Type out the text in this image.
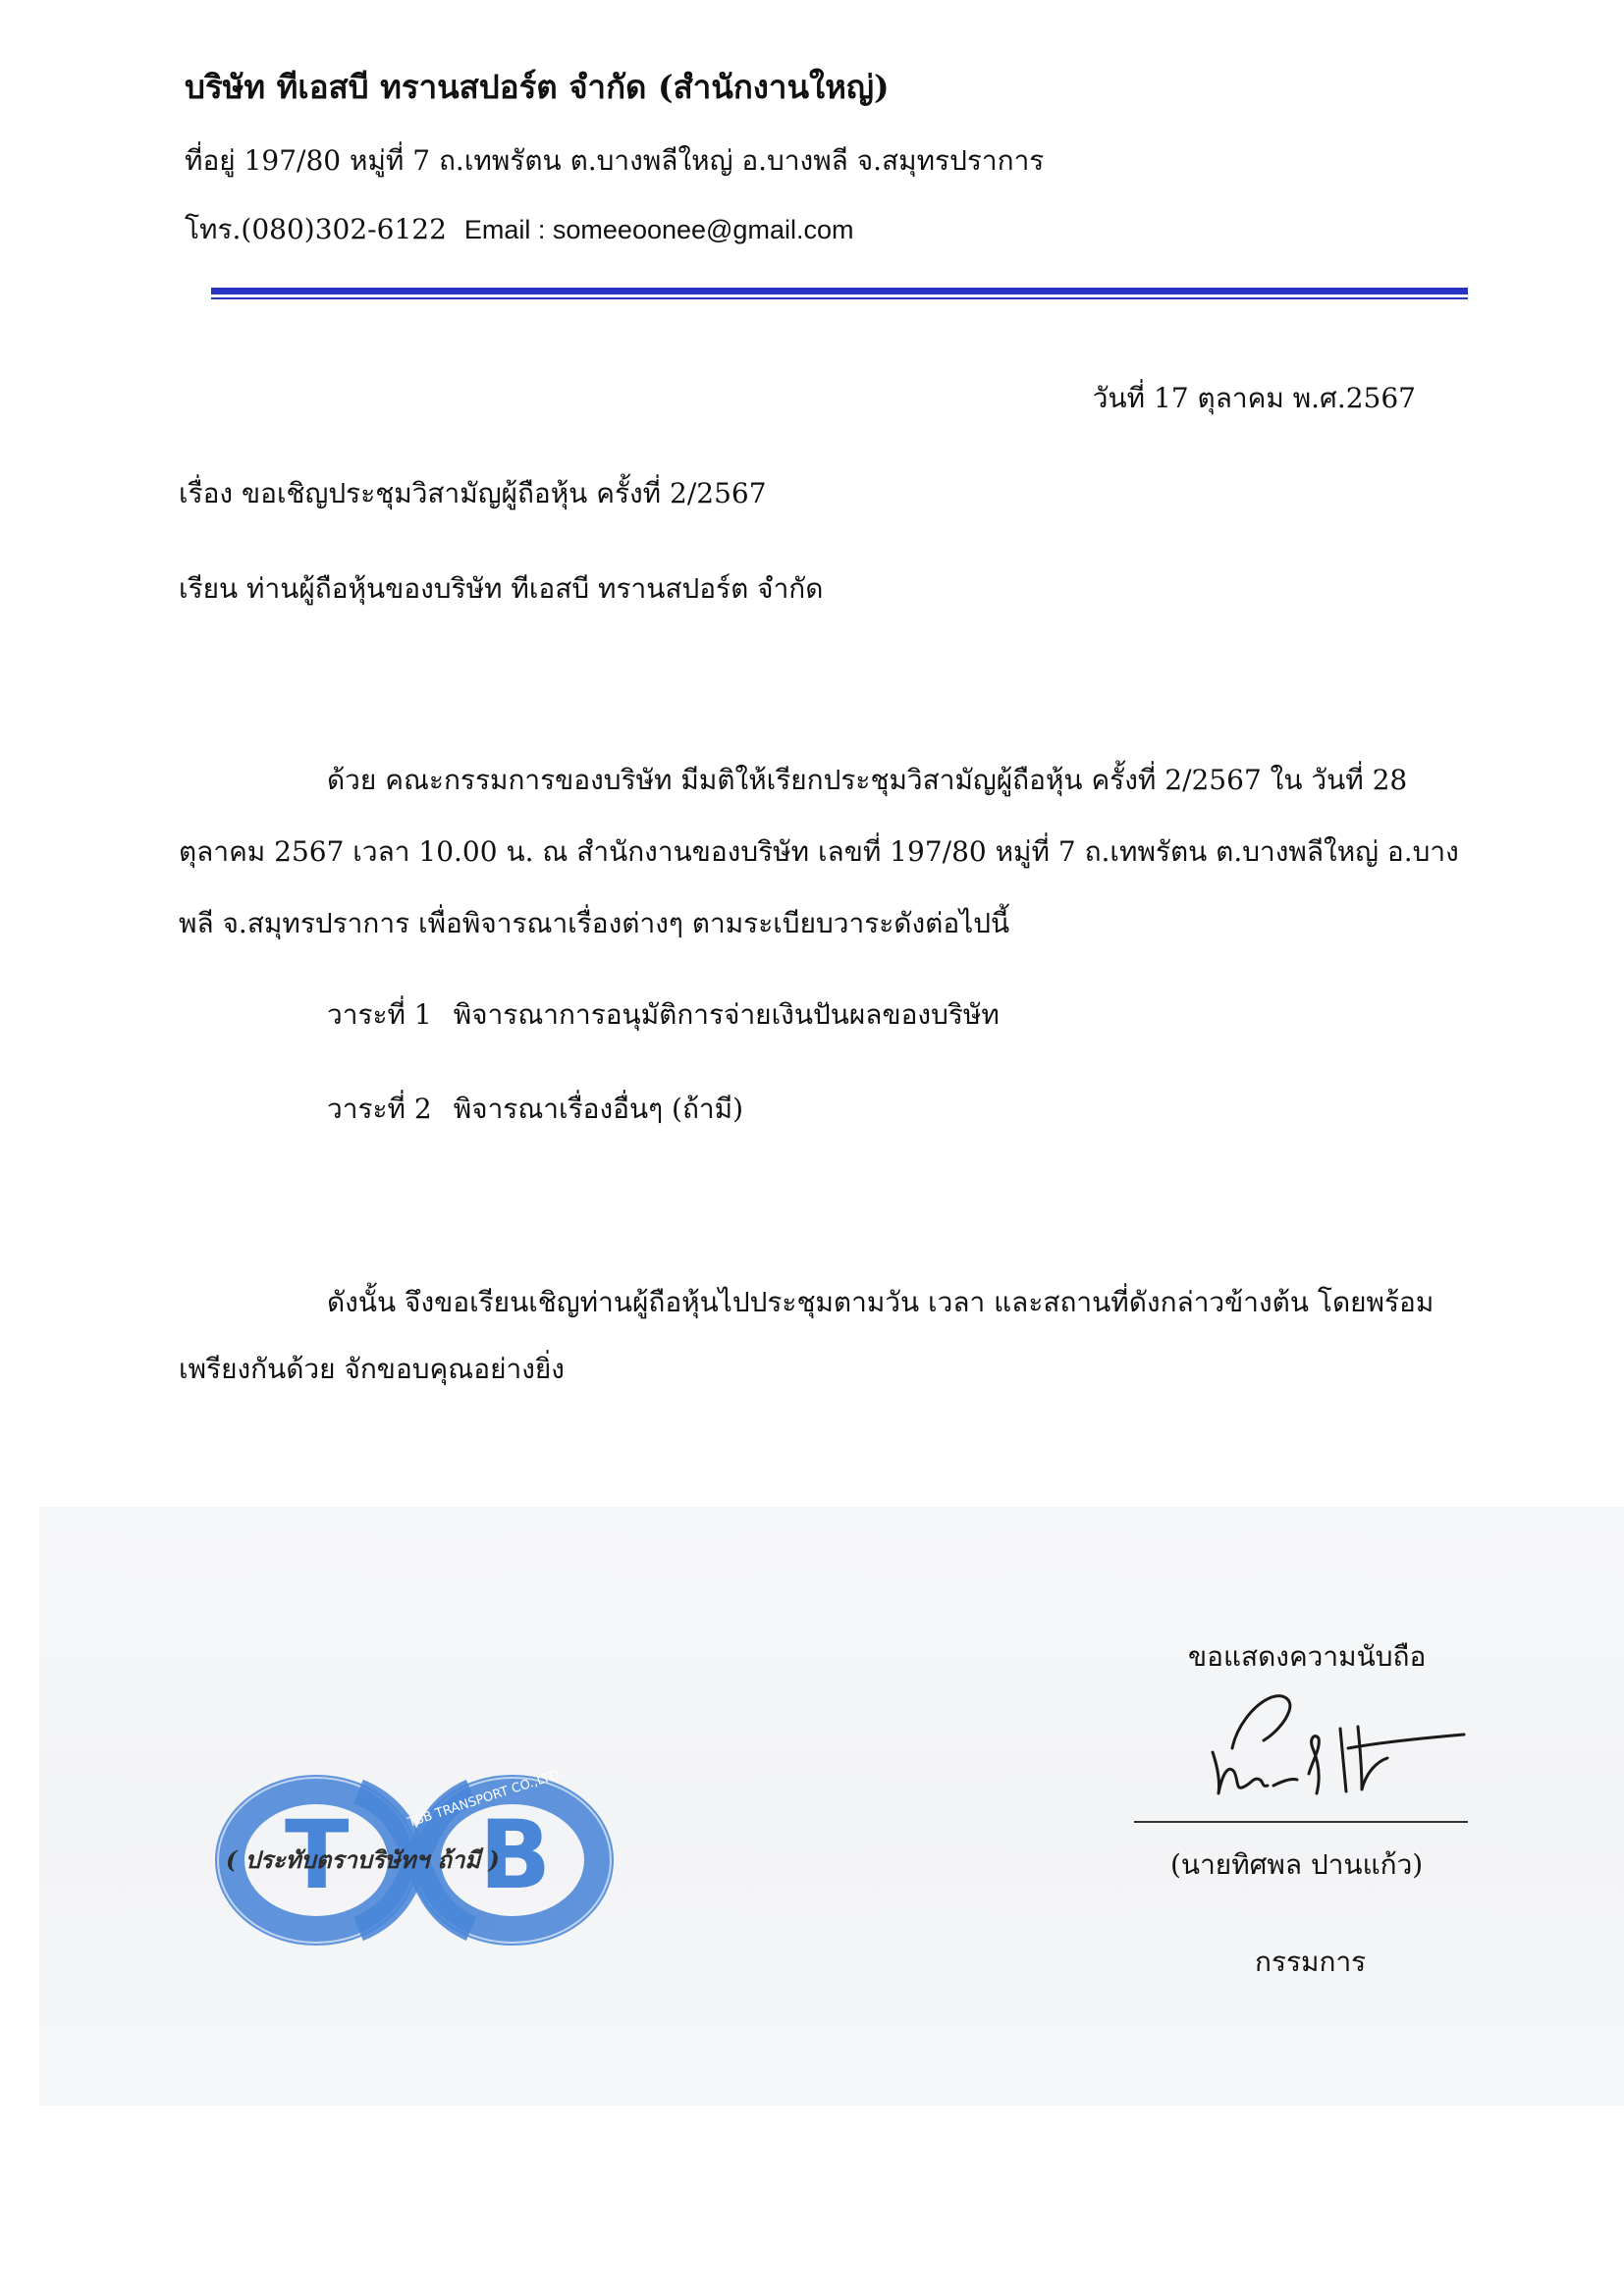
บริษัท ทีเอสบี ทรานสปอร์ต จำกัด (สำนักงานใหญ่)
ที่อยู่ 197/80 หมู่ที่ 7 ถ.เทพรัตน ต.บางพลีใหญ่ อ.บางพลี จ.สมุทรปราการ
โทร.(080)302-6122 Email : someeoonee@gmail.com
วันที่ 17 ตุลาคม พ.ศ.2567
เรื่อง ขอเชิญประชุมวิสามัญผู้ถือหุ้น ครั้งที่ 2/2567
เรียน ท่านผู้ถือหุ้นของบริษัท ทีเอสบี ทรานสปอร์ต จำกัด
ด้วย คณะกรรมการของบริษัท มีมติให้เรียกประชุมวิสามัญผู้ถือหุ้น ครั้งที่ 2/2567 ใน วันที่ 28
ตุลาคม 2567 เวลา 10.00 น. ณ สำนักงานของบริษัท เลขที่ 197/80 หมู่ที่ 7 ถ.เทพรัตน ต.บางพลีใหญ่ อ.บาง
พลี จ.สมุทรปราการ เพื่อพิจารณาเรื่องต่างๆ ตามระเบียบวาระดังต่อไปนี้
วาระที่ 1 พิจารณาการอนุมัติการจ่ายเงินปันผลของบริษัท
วาระที่ 2 พิจารณาเรื่องอื่นๆ (ถ้ามี)
ดังนั้น จึงขอเรียนเชิญท่านผู้ถือหุ้นไปประชุมตามวัน เวลา และสถานที่ดังกล่าวข้างต้น โดยพร้อม
เพรียงกันด้วย จักขอบคุณอย่างยิ่ง
T B
TSB TRANSPORT CO.,LTD.
( ประทับตราบริษัทฯ ถ้ามี )
ขอแสดงความนับถือ
(นายทิศพล ปานแก้ว)
กรรมการ
